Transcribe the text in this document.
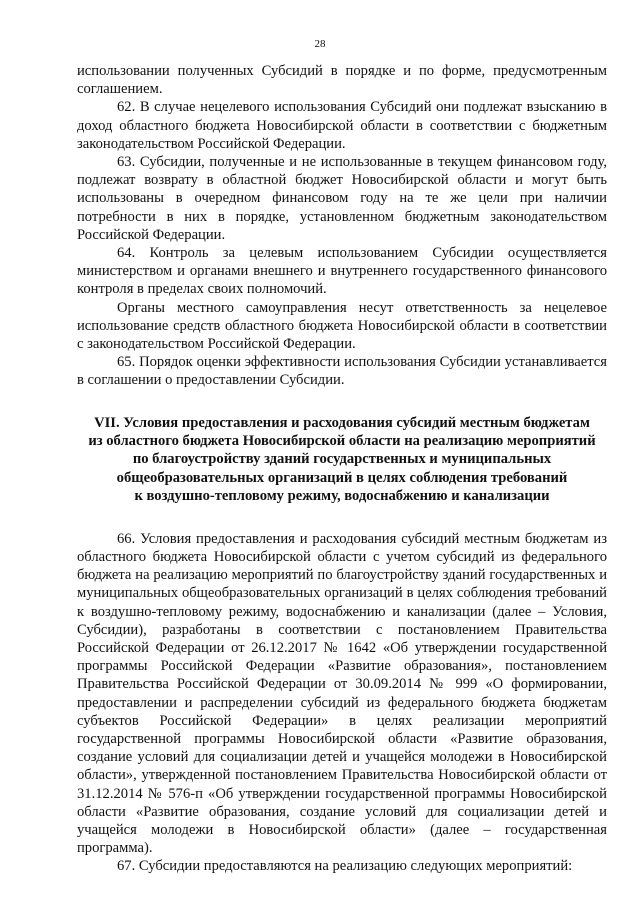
28

использовании полученных Субсидий в порядке и по форме, предусмотренным соглашением.

62. В случае нецелевого использования Субсидий они подлежат взысканию в доход областного бюджета Новосибирской области в соответствии с бюджетным законодательством Российской Федерации.

63. Субсидии, полученные и не использованные в текущем финансовом году, подлежат возврату в областной бюджет Новосибирской области и могут быть использованы в очередном финансовом году на те же цели при наличии потребности в них в порядке, установленном бюджетным законодательством Российской Федерации.

64. Контроль за целевым использованием Субсидии осуществляется министерством и органами внешнего и внутреннего государственного финансового контроля в пределах своих полномочий.

Органы местного самоуправления несут ответственность за нецелевое использование средств областного бюджета Новосибирской области в соответствии с законодательством Российской Федерации.

65. Порядок оценки эффективности использования Субсидии устанавливается в соглашении о предоставлении Субсидии.

VII. Условия предоставления и расходования субсидий местным бюджетам
из областного бюджета Новосибирской области на реализацию мероприятий
по благоустройству зданий государственных и муниципальных
общеобразовательных организаций в целях соблюдения требований
к воздушно-тепловому режиму, водоснабжению и канализации

66. Условия предоставления и расходования субсидий местным бюджетам из областного бюджета Новосибирской области с учетом субсидий из федерального бюджета на реализацию мероприятий по благоустройству зданий государственных и муниципальных общеобразовательных организаций в целях соблюдения требований к воздушно-тепловому режиму, водоснабжению и канализации (далее – Условия, Субсидии), разработаны в соответствии с постановлением Правительства Российской Федерации от 26.12.2017 № 1642 «Об утверждении государственной программы Российской Федерации «Развитие образования», постановлением Правительства Российской Федерации от 30.09.2014 № 999 «О формировании, предоставлении и распределении субсидий из федерального бюджета бюджетам субъектов Российской Федерации» в целях реализации мероприятий государственной программы Новосибирской области «Развитие образования, создание условий для социализации детей и учащейся молодежи в Новосибирской области», утвержденной постановлением Правительства Новосибирской области от 31.12.2014 № 576-п «Об утверждении государственной программы Новосибирской области «Развитие образования, создание условий для социализации детей и учащейся молодежи в Новосибирской области» (далее – государственная программа).

67. Субсидии предоставляются на реализацию следующих мероприятий:
